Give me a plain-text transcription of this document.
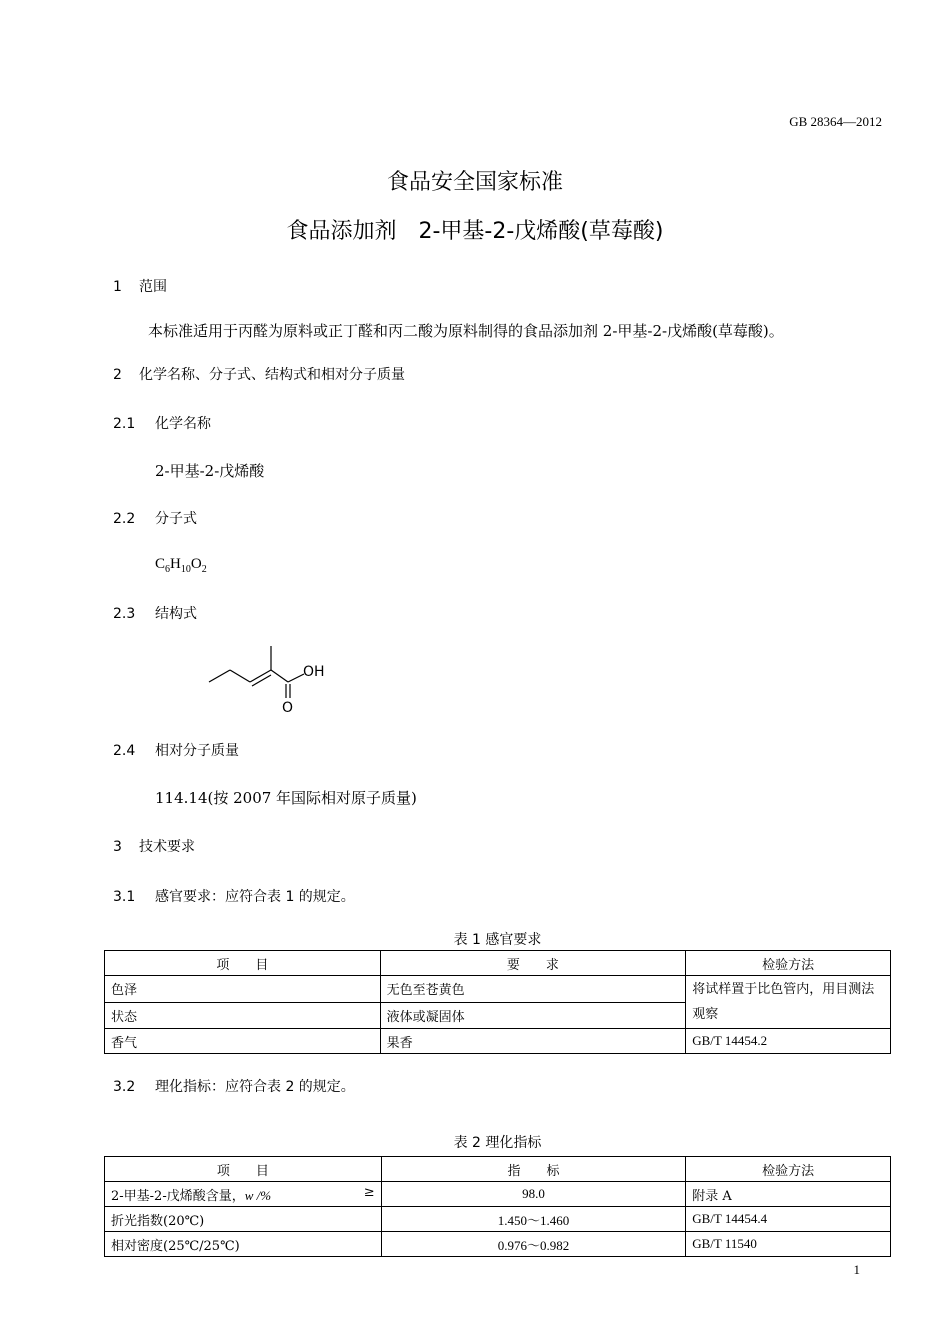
GB 28364—2012
食品安全国家标准
食品添加剂　2-甲基-2-戊烯酸(草莓酸)
1 范围
本标准适用于丙醛为原料或正丁醛和丙二酸为原料制得的食品添加剂 2-甲基-2-戊烯酸(草莓酸)。
2 化学名称、分子式、结构式和相对分子质量
2.1 化学名称
2-甲基-2-戊烯酸
2.2 分子式
$C_6H_{10}O_2$
2.3 结构式
OH
O
2.4 相对分子质量
114.14(按 2007 年国际相对原子质量)
3 技术要求
3.1 感官要求：应符合表 1 的规定。
表 1 感官要求
项　　目	要　　求	检验方法
色泽	无色至苍黄色	将试样置于比色管内，用目测法观察
状态	液体或凝固体	
香气	果香	GB/T 14454.2
3.2 理化指标：应符合表 2 的规定。
表 2 理化指标
项　　目	指　　标	检验方法
2-甲基-2-戊烯酸含量，w /% ≥	98.0	附录 A
折光指数(20℃)	1.450～1.460	GB/T 14454.4
相对密度(25℃/25℃)	0.976～0.982	GB/T 11540
1
